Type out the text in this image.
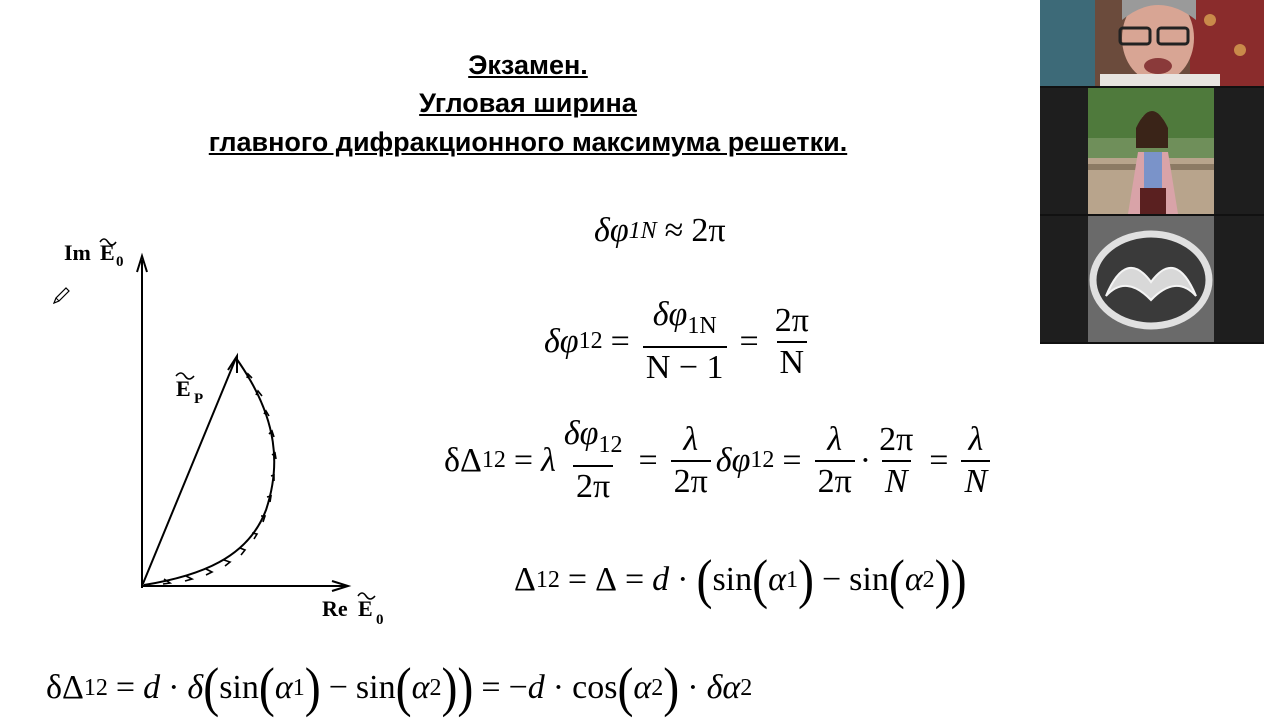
Экзамен.
Угловая ширина
главного дифракционного максимума решетки.
Im E 0
E P
Re E 0
δ φ 1N ≈ 2π
δφ $12 = \frac{\delta\varphi_{1N}}{N - 1} = \frac{2\pi}{N}$
δΔ 12 = λ $\frac{\delta\varphi_{12}}{2\pi} = \frac{\lambda}{2\pi}$ δφ $12 = \frac{\lambda}{2\pi} \cdot \frac{2\pi}{N} = \frac{\lambda}{N}$
Δ 12 = Δ = d · ( sin ( α 1 ) − sin ( α 2 ) )
δΔ 12 = d · δ ( sin ( α 1 ) − sin ( α 2 ) ) = − d · cos ( α 2 ) · δα 2
